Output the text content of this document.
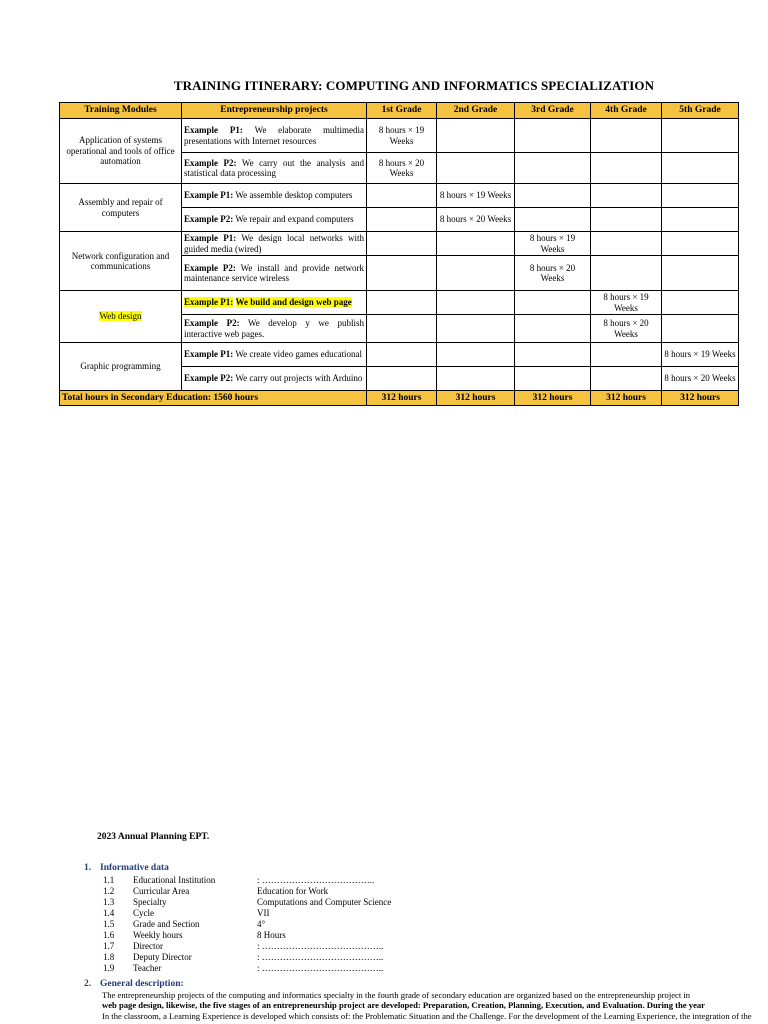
TRAINING ITINERARY: COMPUTING AND INFORMATICS SPECIALIZATION
Training Modules	Entrepreneurship projects	1st Grade	2nd Grade	3rd Grade	4th Grade	5th Grade
Application of systems operational and tools of office automation	Example P1: We elaborate multimedia presentations with Internet resources	8 hours × 19 Weeks				
	Example P2: We carry out the analysis and statistical data processing	8 hours × 20 Weeks				
Assembly and repair of computers	Example P1: We assemble desktop computers		8 hours × 19 Weeks			
	Example P2: We repair and expand computers		8 hours × 20 Weeks			
Network configuration and communications	Example P1: We design local networks with guided media (wired)			8 hours × 19 Weeks		
	Example P2: We install and provide network maintenance service wireless			8 hours × 20 Weeks		
Web design	Example P1: We build and design web page				8 hours × 19 Weeks	
	Example P2: We develop y we publish interactive web pages.				8 hours × 20 Weeks	
Graphic programming	Example P1: We create video games educational					8 hours × 19 Weeks
	Example P2: We carry out projects with Arduino					8 hours × 20 Weeks
Total hours in Secondary Education: 1560 hours		312 hours	312 hours	312 hours	312 hours	312 hours
2023 Annual Planning EPT.
1. Informative data
1.1 Educational Institution	: ………………………………..
1.2 Curricular Area	Education for Work
1.3 Specialty	Computations and Computer Science
1.4 Cycle	VII
1.5 Grade and Section	4°
1.6 Weekly hours	8 Hours
1.7 Director	: …………………………………..
1.8 Deputy Director	: …………………………………..
1.9 Teacher	: …………………………………..
2. General description:
The entrepreneurship projects of the computing and informatics specialty in the fourth grade of secondary education are organized based on the entrepreneurship project in
web page design, likewise, the five stages of an entrepreneurship project are developed: Preparation, Creation, Planning, Execution, and Evaluation. During the year
In the classroom, a Learning Experience is developed which consists of: the Problematic Situation and the Challenge. For the development of the Learning Experience, the integration of the
